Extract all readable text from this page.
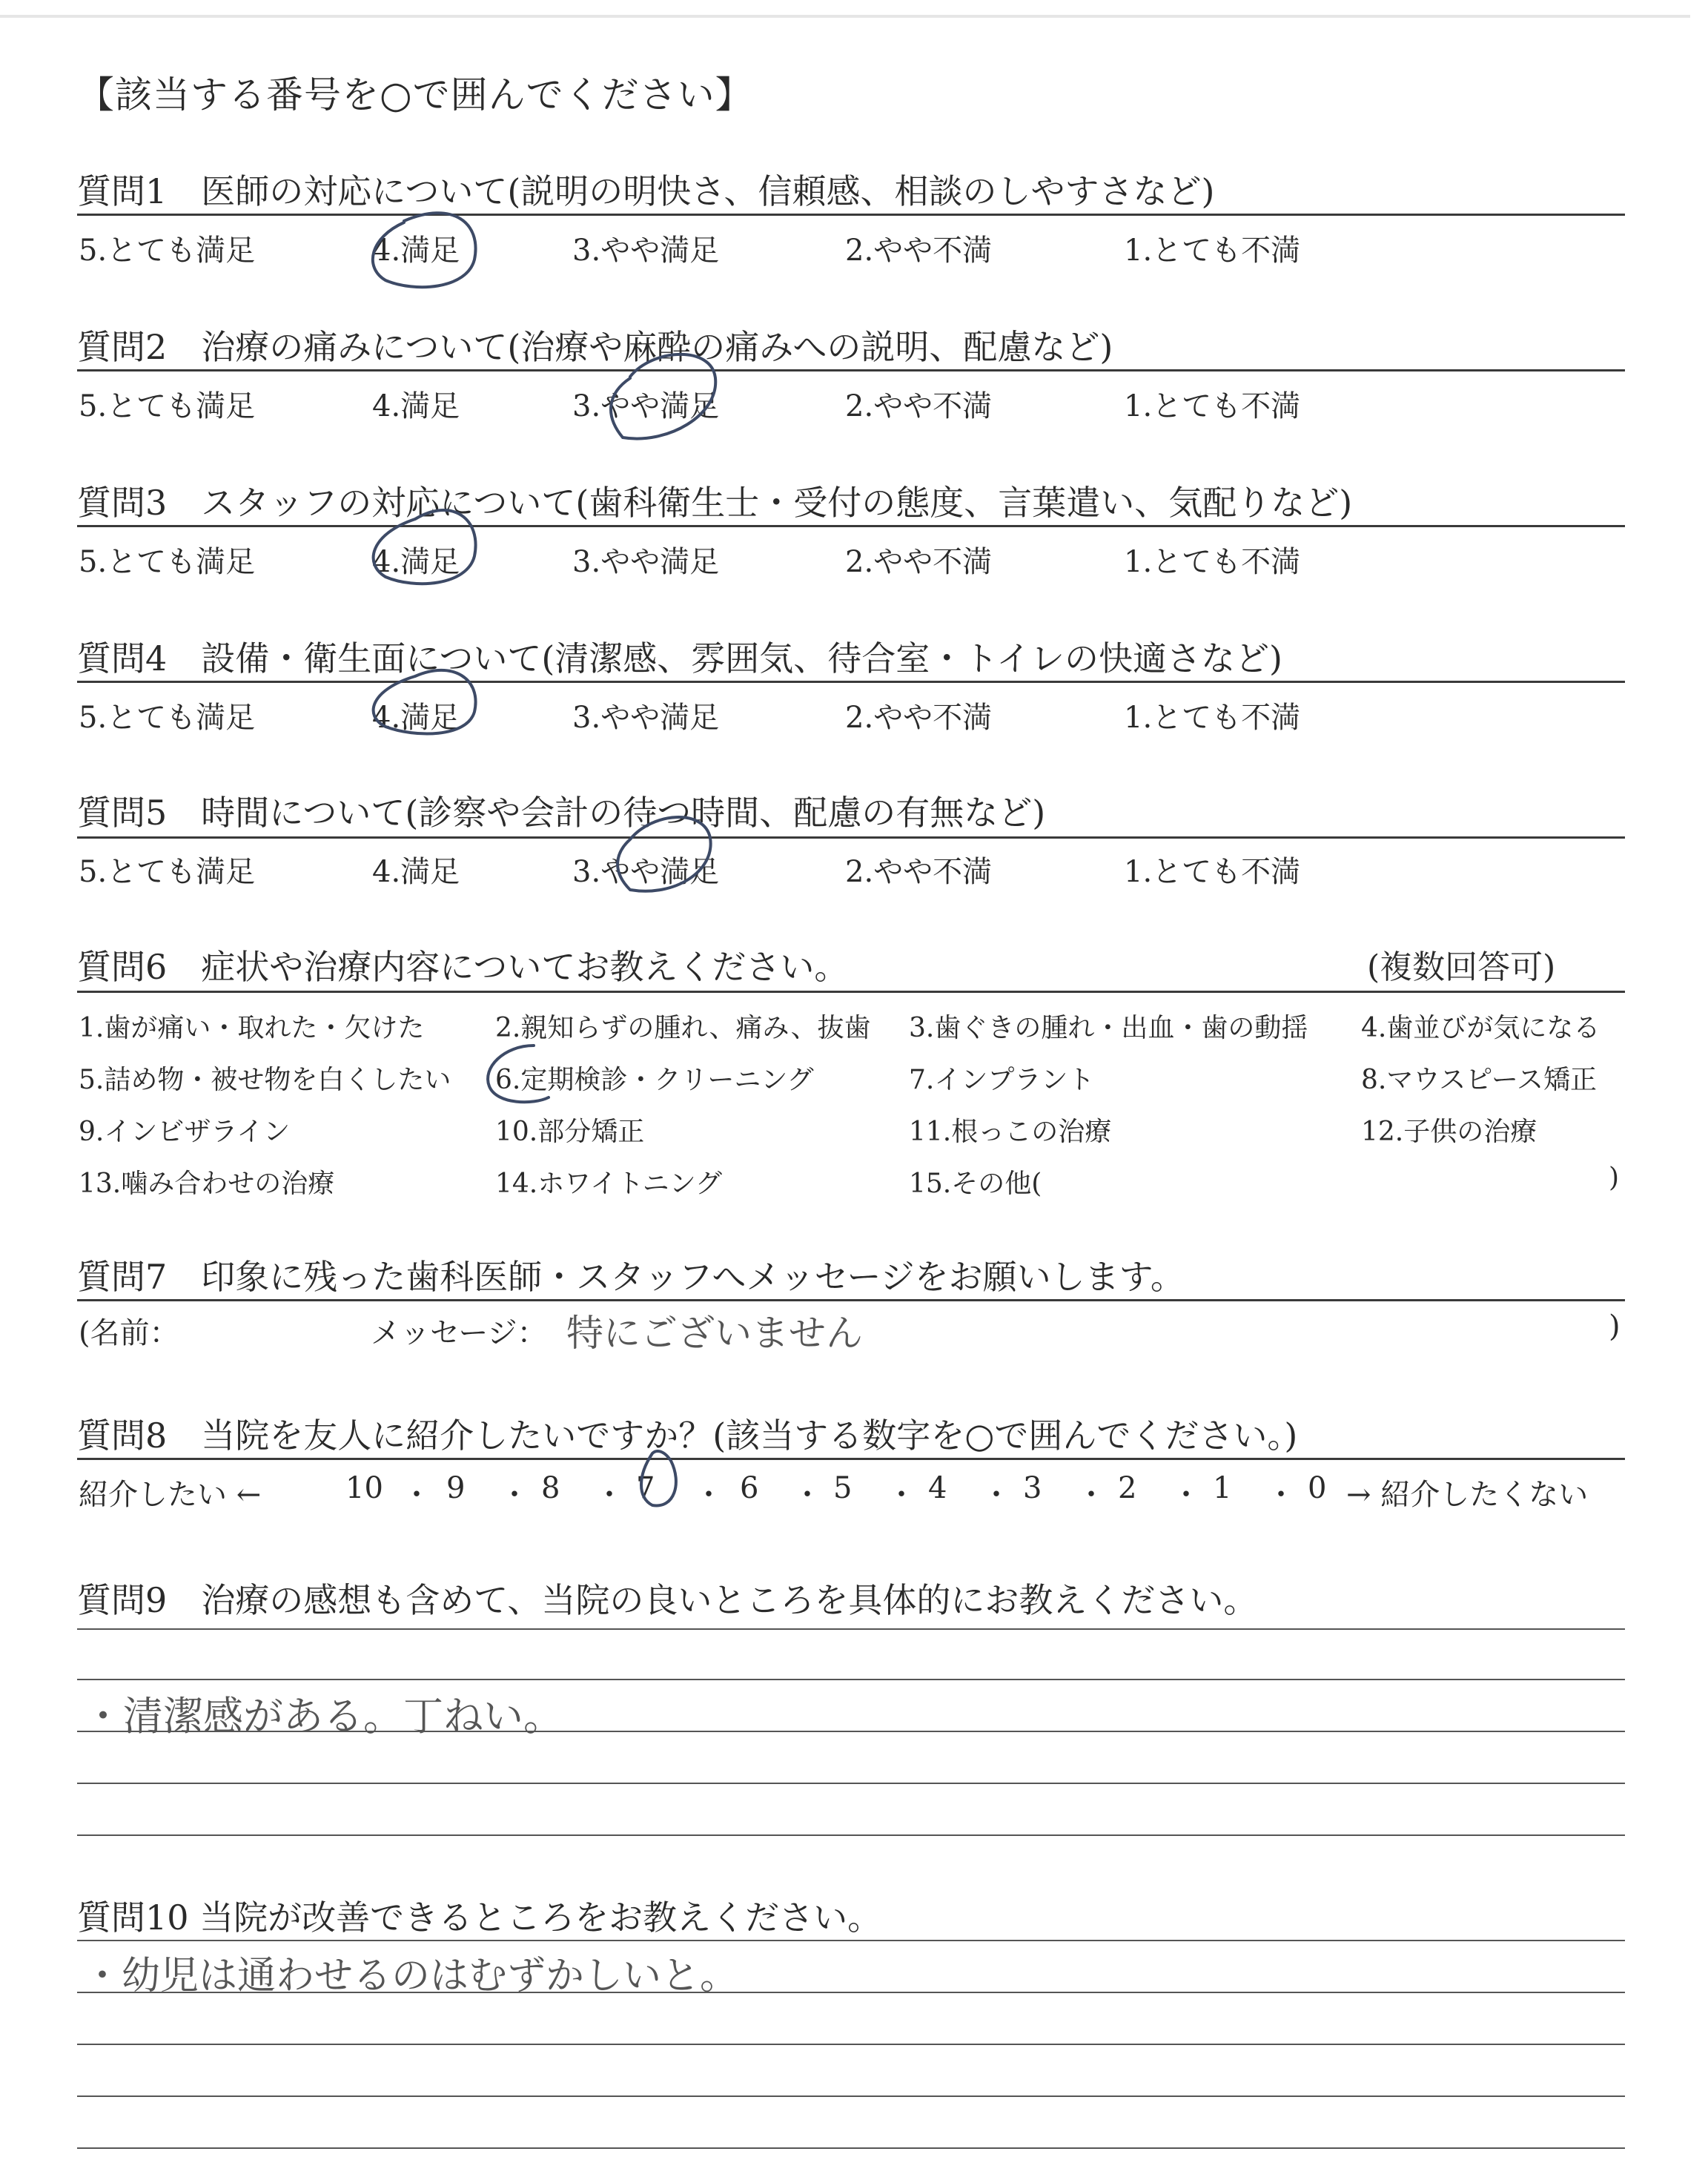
【該当する番号を○で囲んでください】
質問1　医師の対応について(説明の明快さ、信頼感、相談のしやすさなど)
5.とても満足	4.満足	3.やや満足	2.やや不満	1.とても不満
質問2　治療の痛みについて(治療や麻酔の痛みへの説明、配慮など)
5.とても満足	4.満足	3.やや満足	2.やや不満	1.とても不満
質問3　スタッフの対応について(歯科衛生士・受付の態度、言葉遣い、気配りなど)
5.とても満足	4.満足	3.やや満足	2.やや不満	1.とても不満
質問4　設備・衛生面について(清潔感、雰囲気、待合室・トイレの快適さなど)
5.とても満足	4.満足	3.やや満足	2.やや不満	1.とても不満
質問5　時間について(診察や会計の待つ時間、配慮の有無など)
5.とても満足	4.満足	3.やや満足	2.やや不満	1.とても不満
質問6　症状や治療内容についてお教えください。	(複数回答可)
1.歯が痛い・取れた・欠けた	2.親知らずの腫れ、痛み、抜歯 3.歯ぐきの腫れ・出血・歯の動揺 4.歯並びが気になる
5.詰め物・被せ物を白くしたい 6.定期検診・クリーニング	7.インプラント	8.マウスピース矯正
9.インビザライン	10.部分矯正	11.根っこの治療	12.子供の治療
13.噛み合わせの治療	14.ホワイトニング	15.その他(	)
質問7　印象に残った歯科医師・スタッフへメッセージをお願いします。
(名前：	メッセージ： 特にございません	)
質問8　当院を友人に紹介したいですか？(該当する数字を○で囲んでください。)
紹介したい ←	10 ・ 9 ・ 8 ・ 7 ・ 6 ・ 5 ・ 4 ・ 3 ・ 2 ・ 1 ・ 0 → 紹介したくない
質問9　治療の感想も含めて、当院の良いところを具体的にお教えください。
・清潔感がある。丁ねい。
質問10 当院が改善できるところをお教えください。
・幼児は通わせるのはむずかしいと。
